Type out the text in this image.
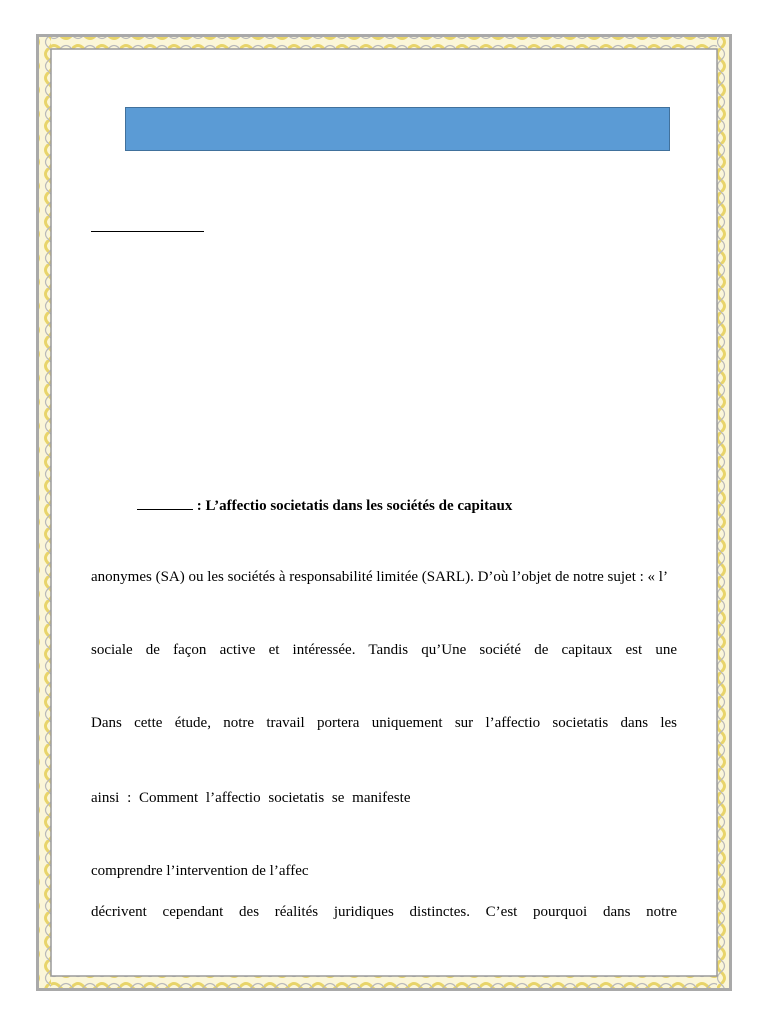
: L’affectio societatis dans les sociétés de capitaux
anonymes (SA) ou les sociétés à responsabilité limitée (SARL). D’où l’objet de notre sujet : « l’
sociale de façon active et intéressée. Tandis qu’Une société de capitaux est une
Dans cette étude, notre travail portera uniquement sur l’affectio societatis dans les
ainsi : Comment l’affectio societatis se manifeste
comprendre l’intervention de l’affec
décrivent cependant des réalités juridiques distinctes. C’est pourquoi dans notre
